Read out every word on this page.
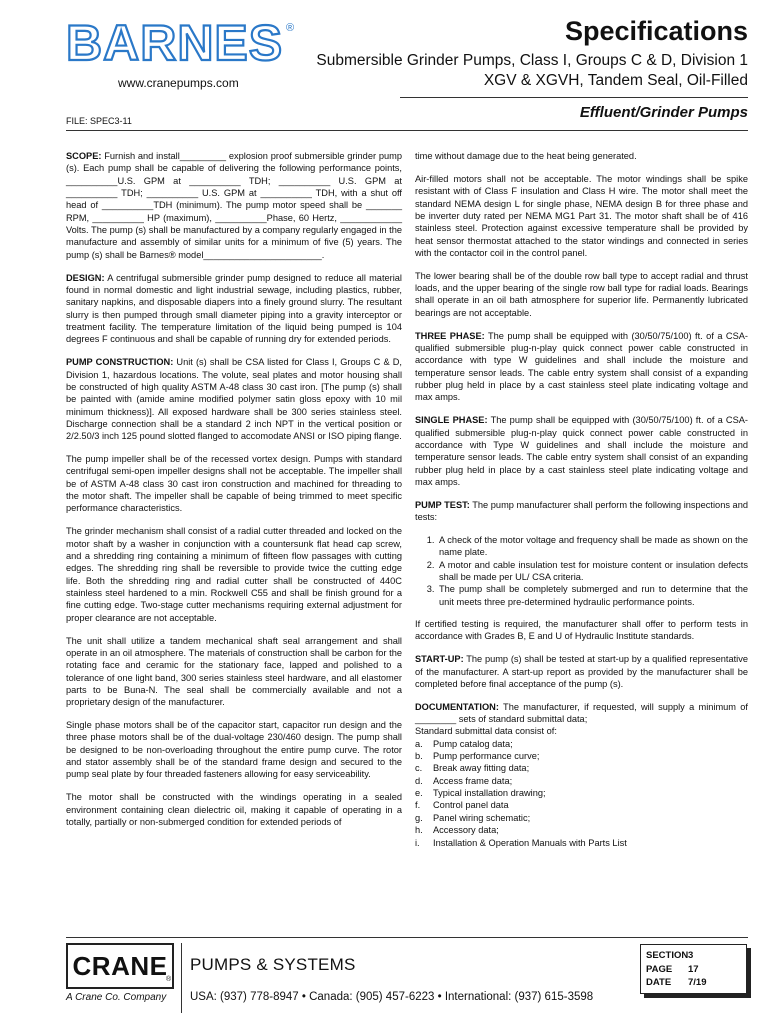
BARNES ®
www.cranepumps.com
Specifications
Submersible Grinder Pumps, Class I, Groups C & D, Division 1
XGV & XGVH, Tandem Seal, Oil-Filled
Effluent/Grinder Pumps
FILE: SPEC3-11

SCOPE: Furnish and install_________ explosion proof submersible grinder pump (s). Each pump shall be capable of delivering the following performance points, __________U.S. GPM at __________ TDH; __________ U.S. GPM at __________ TDH; __________ U.S. GPM at __________ TDH, with a shut off head of __________TDH (minimum). The pump motor speed shall be _______ RPM, __________ HP (maximum), __________Phase, 60 Hertz, ____________ Volts. The pump (s) shall be manufactured by a company regularly engaged in the manufacture and assembly of similar units for a minimum of five (5) years. The pump (s) shall be Barnes® model_______________________.

DESIGN: A centrifugal submersible grinder pump designed to reduce all material found in normal domestic and light industrial sewage, including plastics, rubber, sanitary napkins, and disposable diapers into a finely ground slurry. The resultant slurry is then pumped through small diameter piping into a gravity interceptor or treatment facility. The temperature limitation of the liquid being pumped is 104 degrees F continuous and shall be capable of running dry for extended periods.

PUMP CONSTRUCTION: Unit (s) shall be CSA listed for Class I, Groups C & D, Division 1, hazardous locations. The volute, seal plates and motor housing shall be constructed of high quality ASTM A-48 class 30 cast iron. [The pump (s) shall be painted with (amide amine modified polymer satin gloss epoxy with 10 mil minimum thickness)]. All exposed hardware shall be 300 series stainless steel. Discharge connection shall be a standard 2 inch NPT in the vertical position or 2/2.50/3 inch 125 pound slotted flanged to accomodate ANSI or ISO piping flange.

The pump impeller shall be of the recessed vortex design. Pumps with standard centrifugal semi-open impeller designs shall not be acceptable. The impeller shall be of ASTM A-48 class 30 cast iron construction and machined for threading to the motor shaft. The impeller shall be capable of being trimmed to meet specific performance characteristics.

The grinder mechanism shall consist of a radial cutter threaded and locked on the motor shaft by a washer in conjunction with a countersunk flat head cap screw, and a shredding ring containing a minimum of fifteen flow passages with cutting edges. The shredding ring shall be reversible to provide twice the cutting edge life. Both the shredding ring and radial cutter shall be constructed of 440C stainless steel hardened to a min. Rockwell C55 and shall be finish ground for a fine cutting edge. Two-stage cutter mechanisms requiring external adjustment for proper clearance are not acceptable.

The unit shall utilize a tandem mechanical shaft seal arrangement and shall operate in an oil atmosphere. The materials of construction shall be carbon for the rotating face and ceramic for the stationary face, lapped and polished to a tolerance of one light band, 300 series stainless steel hardware, and all elastomer parts to be Buna-N. The seal shall be commercially available and not a proprietary design of the manufacturer.

Single phase motors shall be of the capacitor start, capacitor run design and the three phase motors shall be of the dual-voltage 230/460 design. The pump shall be designed to be non-overloading throughout the entire pump curve. The rotor and stator assembly shall be of the standard frame design and secured to the pump seal plate by four threaded fasteners allowing for easy serviceability.

The motor shall be constructed with the windings operating in a sealed environment containing clean dielectric oil, making it capable of operating in a totally, partially or non-submerged condition for extended periods of

time without damage due to the heat being generated.

Air-filled motors shall not be acceptable. The motor windings shall be spike resistant with of Class F insulation and Class H wire. The motor shall meet the standard NEMA design L for single phase, NEMA design B for three phase and be inverter duty rated per NEMA MG1 Part 31. The motor shaft shall be of 416 stainless steel. Protection against excessive temperature shall be provided by heat sensor thermostat attached to the stator windings and connected in series with the contactor coil in the control panel.

The lower bearing shall be of the double row ball type to accept radial and thrust loads, and the upper bearing of the single row ball type for radial loads. Bearings shall operate in an oil bath atmosphere for superior life. Permanently lubricated bearings are not acceptable.

THREE PHASE: The pump shall be equipped with (30/50/75/100) ft. of a CSA-qualified submersible plug-n-play quick connect power cable constructed in accordance with type W guidelines and shall include the moisture and temperature sensor leads. The cable entry system shall consist of a expanding rubber plug held in place by a cast stainless steel plate indicating voltage and max amps.

SINGLE PHASE: The pump shall be equipped with (30/50/75/100) ft. of a CSA-qualified submersible plug-n-play quick connect power cable constructed in accordance with Type W guidelines and shall include the moisture and temperature sensor leads. The cable entry system shall consist of an expanding rubber plug held in place by a cast stainless steel plate indicating voltage and max amps.

PUMP TEST: The pump manufacturer shall perform the following inspections and tests:

1. A check of the motor voltage and frequency shall be made as shown on the name plate.
2. A motor and cable insulation test for moisture content or insulation defects shall be made per UL/ CSA criteria.
3. The pump shall be completely submerged and run to determine that the unit meets three pre-determined hydraulic performance points.

If certified testing is required, the manufacturer shall offer to perform tests in accordance with Grades B, E and U of Hydraulic Institute standards.

START-UP: The pump (s) shall be tested at start-up by a qualified representative of the manufacturer. A start-up report as provided by the manufacturer shall be completed before final acceptance of the pump (s).

DOCUMENTATION: The manufacturer, if requested, will supply a minimum of ________ sets of standard submittal data;
Standard submittal data consist of:
a.	Pump catalog data;
b.	Pump performance curve;
c.	Break away fitting data;
d.	Access frame data;
e.	Typical installation drawing;
f.	Control panel data
g.	Panel wiring schematic;
h.	Accessory data;
i.	Installation & Operation Manuals with Parts List
CRANE
®
A Crane Co. Company
PUMPS & SYSTEMS
USA: (937) 778-8947 • Canada: (905) 457-6223 • International: (937) 615-3598
SECTION 3
PAGE	17
DATE	7/19
